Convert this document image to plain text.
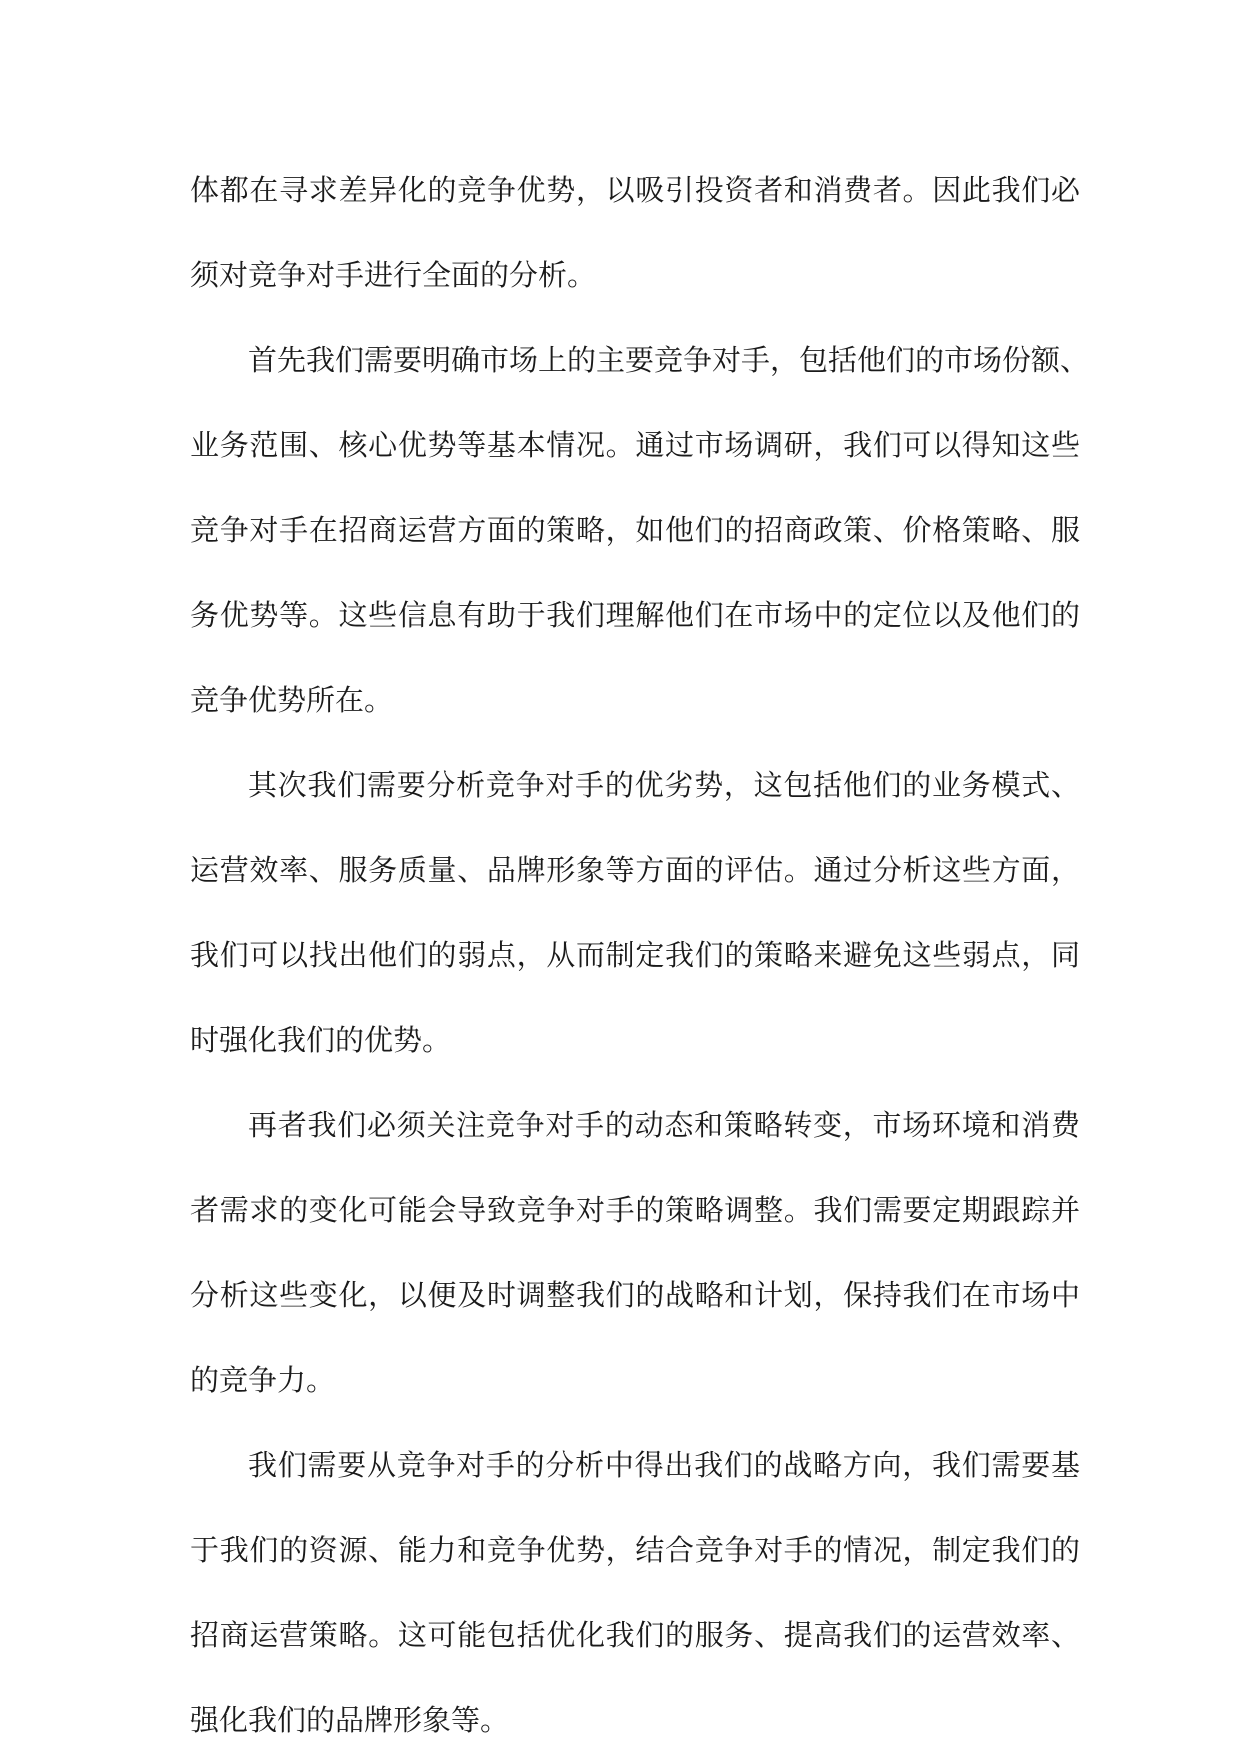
体都在寻求差异化的竞争优势，以吸引投资者和消费者。因此我们必
须对竞争对手进行全面的分析。
首先我们需要明确市场上的主要竞争对手，包括他们的市场份额、
业务范围、核心优势等基本情况。通过市场调研，我们可以得知这些
竞争对手在招商运营方面的策略，如他们的招商政策、价格策略、服
务优势等。这些信息有助于我们理解他们在市场中的定位以及他们的
竞争优势所在。
其次我们需要分析竞争对手的优劣势，这包括他们的业务模式、
运营效率、服务质量、品牌形象等方面的评估。通过分析这些方面，
我们可以找出他们的弱点，从而制定我们的策略来避免这些弱点，同
时强化我们的优势。
再者我们必须关注竞争对手的动态和策略转变，市场环境和消费
者需求的变化可能会导致竞争对手的策略调整。我们需要定期跟踪并
分析这些变化，以便及时调整我们的战略和计划，保持我们在市场中
的竞争力。
我们需要从竞争对手的分析中得出我们的战略方向，我们需要基
于我们的资源、能力和竞争优势，结合竞争对手的情况，制定我们的
招商运营策略。这可能包括优化我们的服务、提高我们的运营效率、
强化我们的品牌形象等。
